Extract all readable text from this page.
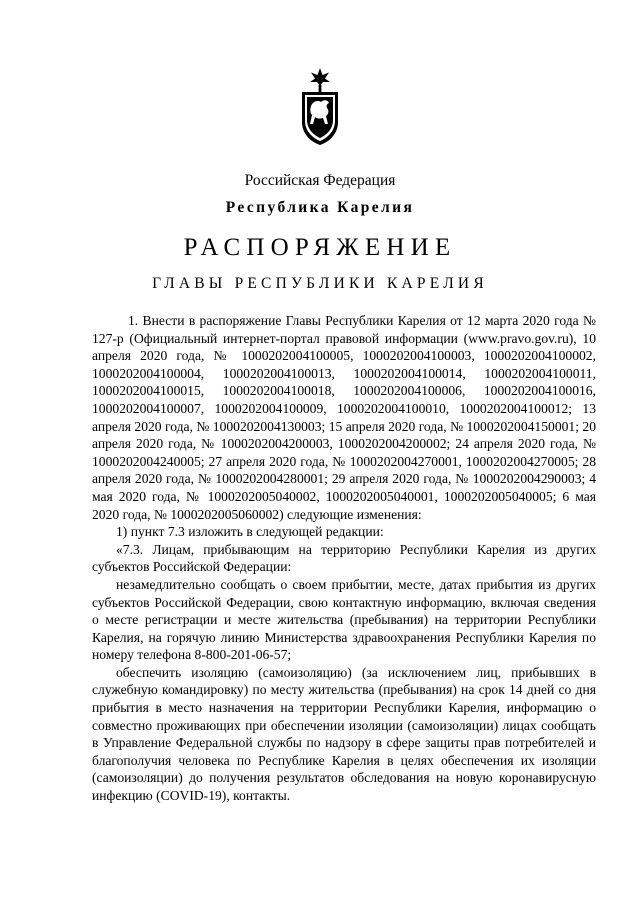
Российская Федерация
Республика Карелия
РАСПОРЯЖЕНИЕ
ГЛАВЫ РЕСПУБЛИКИ КАРЕЛИЯ

1. Внести в распоряжение Главы Республики Карелия от 12 марта 2020 года № 127-р (Официальный интернет-портал правовой информации (www.pravo.gov.ru), 10 апреля 2020 года, № 1000202004100005, 1000202004100003, 1000202004100002, 1000202004100004, 1000202004100013, 1000202004100014, 1000202004100011, 1000202004100015, 1000202004100018, 1000202004100006, 1000202004100016, 1000202004100007, 1000202004100009, 1000202004100010, 1000202004100012; 13 апреля 2020 года, № 1000202004130003; 15 апреля 2020 года, № 1000202004150001; 20 апреля 2020 года, № 1000202004200003, 1000202004200002; 24 апреля 2020 года, № 1000202004240005; 27 апреля 2020 года, № 1000202004270001, 1000202004270005; 28 апреля 2020 года, № 1000202004280001; 29 апреля 2020 года, № 1000202004290003; 4 мая 2020 года, № 1000202005040002, 1000202005040001, 1000202005040005; 6 мая 2020 года, № 1000202005060002) следующие изменения:

1) пункт 7.3 изложить в следующей редакции:

«7.3. Лицам, прибывающим на территорию Республики Карелия из других субъектов Российской Федерации:

незамедлительно сообщать о своем прибытии, месте, датах прибытия из других субъектов Российской Федерации, свою контактную информацию, включая сведения о месте регистрации и месте жительства (пребывания) на территории Республики Карелия, на горячую линию Министерства здравоохранения Республики Карелия по номеру телефона 8-800-201-06-57;

обеспечить изоляцию (самоизоляцию) (за исключением лиц, прибывших в служебную командировку) по месту жительства (пребывания) на срок 14 дней со дня прибытия в место назначения на территории Республики Карелия, информацию о совместно проживающих при обеспечении изоляции (самоизоляции) лицах сообщать в Управление Федеральной службы по надзору в сфере защиты прав потребителей и благополучия человека по Республике Карелия в целях обеспечения их изоляции (самоизоляции) до получения результатов обследования на новую коронавирусную инфекцию (COVID-19), контакты.
